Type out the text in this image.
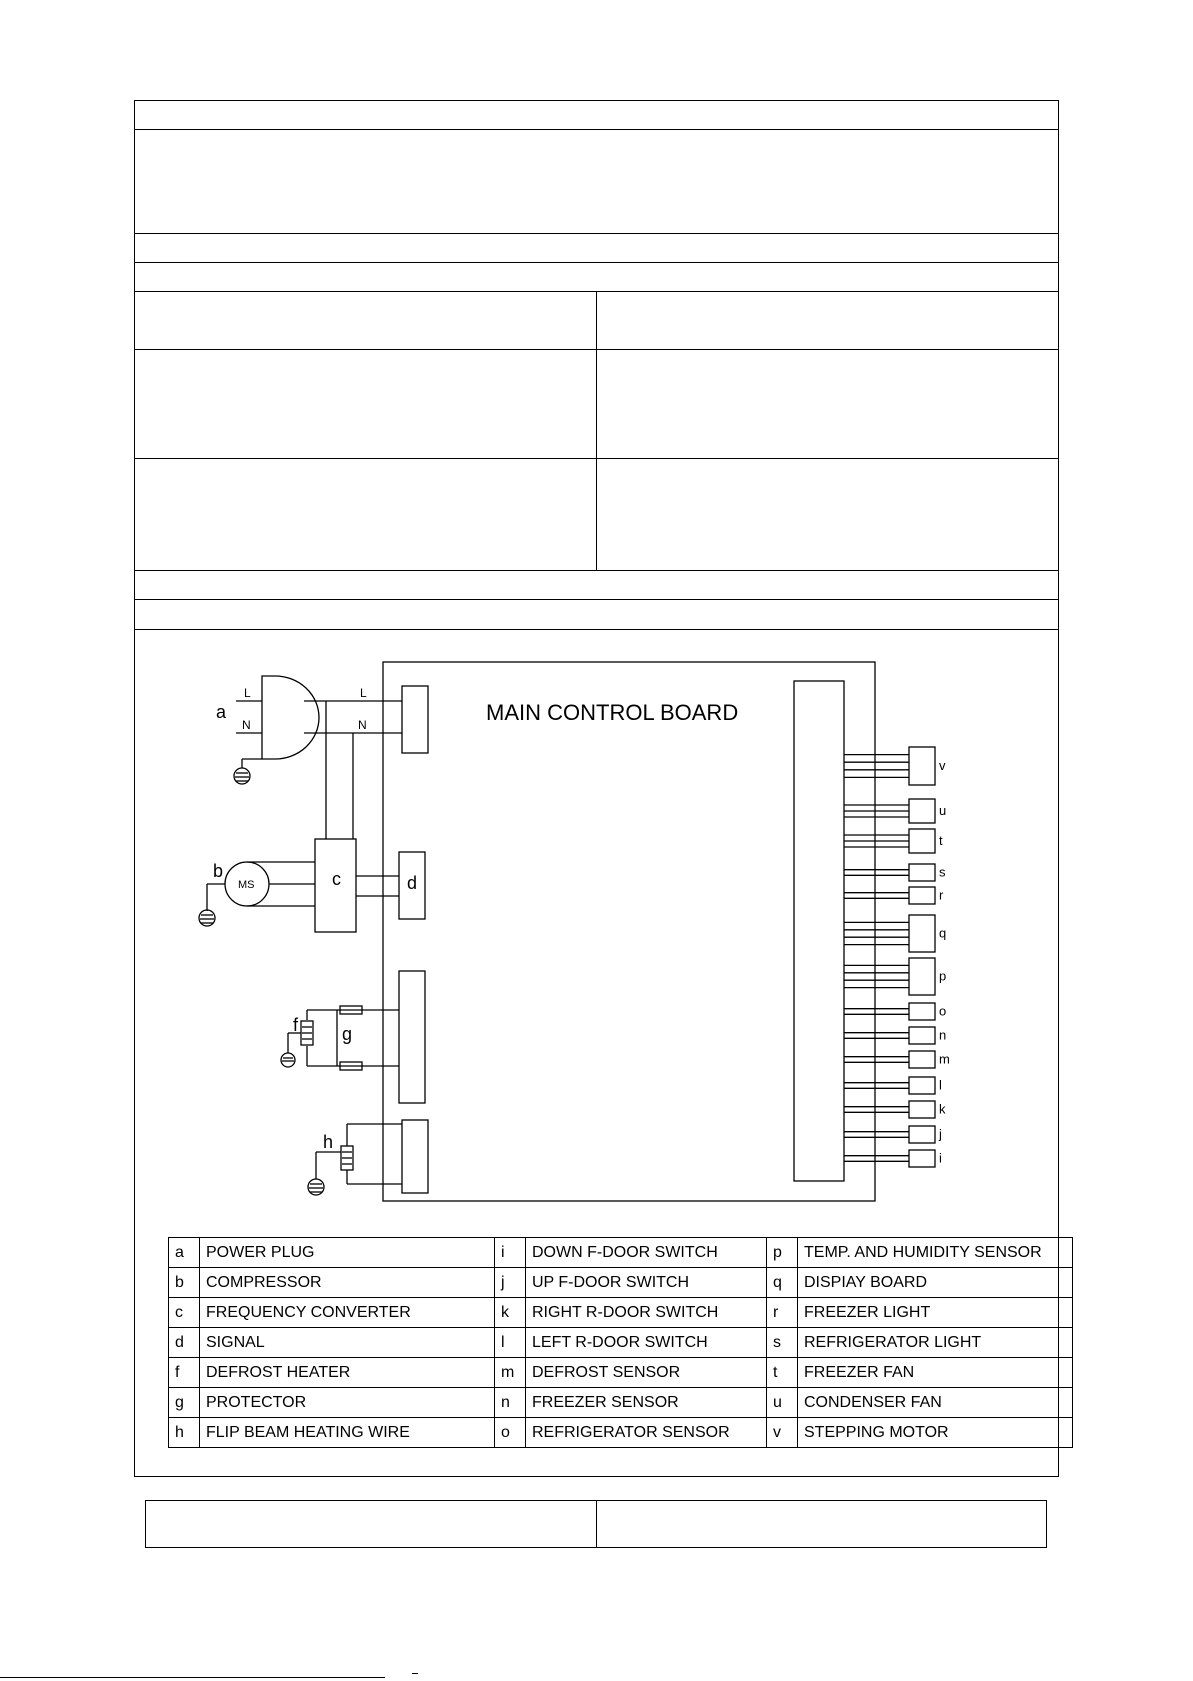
MAIN CONTROL BOARD
L
N
L
N
a
b	c	d
f g
h
MS
v
u
t
s
r
q
p
o
n
m
l
k
j
i
a	POWER PLUG	i	DOWN F-DOOR SWITCH	p	TEMP. AND HUMIDITY SENSOR
b	COMPRESSOR	j	UP F-DOOR SWITCH	q	DISPIAY BOARD
c	FREQUENCY CONVERTER	k	RIGHT R-DOOR SWITCH	r	FREEZER LIGHT
d	SIGNAL	l	LEFT R-DOOR SWITCH	s	REFRIGERATOR LIGHT
f	DEFROST HEATER	m	DEFROST SENSOR	t	FREEZER FAN
g	PROTECTOR	n	FREEZER SENSOR	u	CONDENSER FAN
h	FLIP BEAM HEATING WIRE	o	REFRIGERATOR SENSOR	v	STEPPING MOTOR
